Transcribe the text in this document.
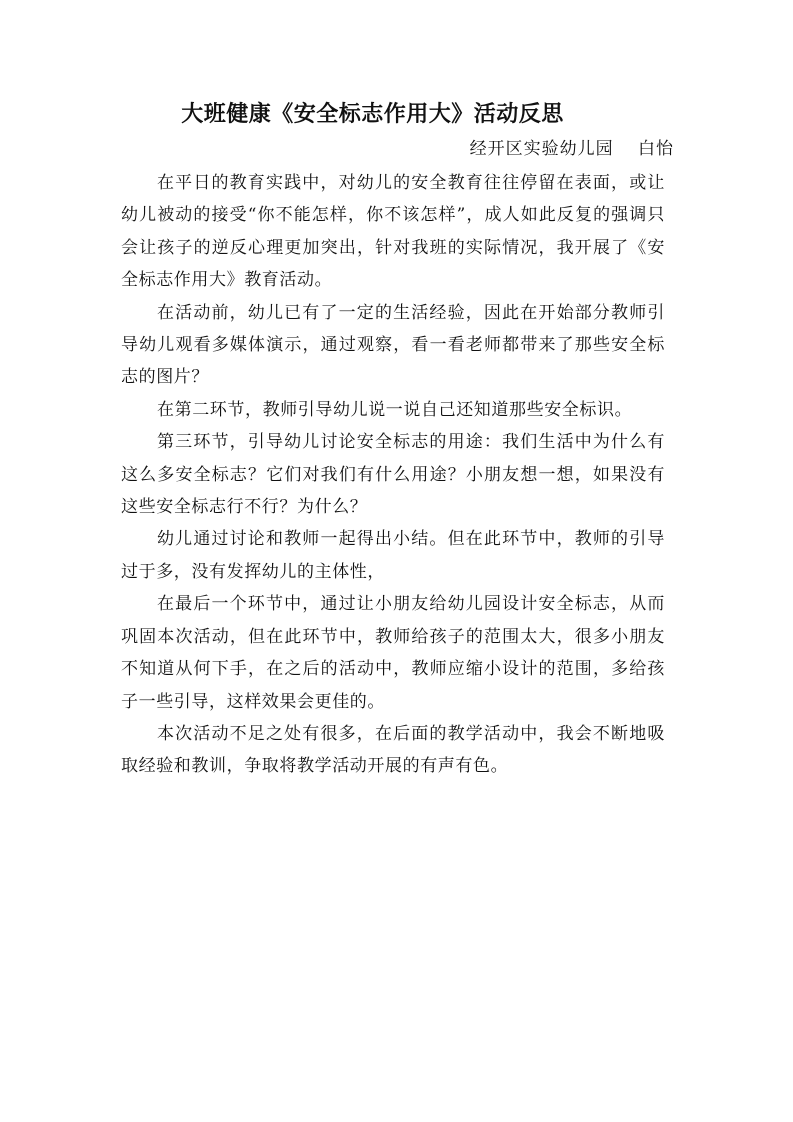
大班健康《安全标志作用大》活动反思
经开区实验幼儿园 白怡

在平日的教育实践中，对幼儿的安全教育往往停留在表面，或让幼儿被动的接受“你不能怎样，你不该怎样”，成人如此反复的强调只会让孩子的逆反心理更加突出，针对我班的实际情况，我开展了《安全标志作用大》教育活动。

在活动前，幼儿已有了一定的生活经验，因此在开始部分教师引导幼儿观看多媒体演示，通过观察，看一看老师都带来了那些安全标志的图片？

在第二环节，教师引导幼儿说一说自己还知道那些安全标识。

第三环节，引导幼儿讨论安全标志的用途：我们生活中为什么有这么多安全标志？它们对我们有什么用途？小朋友想一想，如果没有这些安全标志行不行？为什么？

幼儿通过讨论和教师一起得出小结。但在此环节中，教师的引导过于多，没有发挥幼儿的主体性，

在最后一个环节中，通过让小朋友给幼儿园设计安全标志，从而巩固本次活动，但在此环节中，教师给孩子的范围太大，很多小朋友不知道从何下手，在之后的活动中，教师应缩小设计的范围，多给孩子一些引导，这样效果会更佳的。

本次活动不足之处有很多，在后面的教学活动中，我会不断地吸取经验和教训，争取将教学活动开展的有声有色。
